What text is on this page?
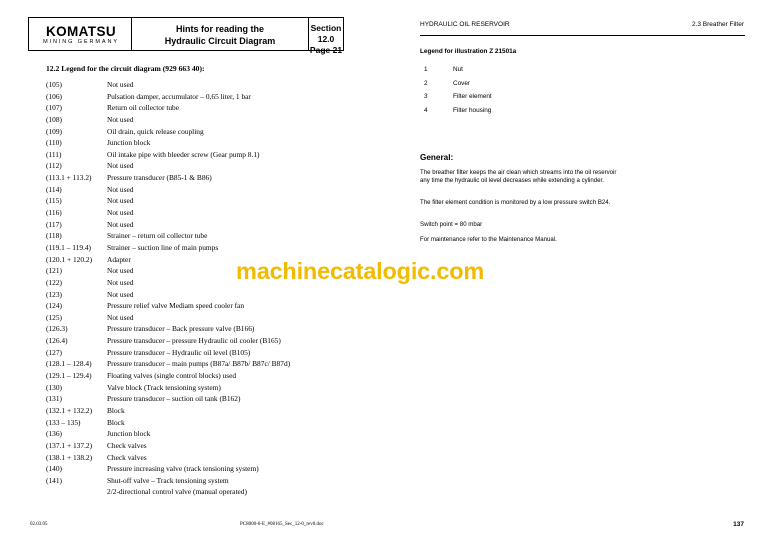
KOMATSU
MINING GERMANY
Hints for reading the
Hydraulic Circuit Diagram
Section 12.0
Page 21
12.2 Legend for the circuit diagram (929 663 40):
(105)	Not used
(106)	Pulsation damper, accumulator – 0,65 liter, 1 bar
(107)	Return oil collector tube
(108)	Not used
(109)	Oil drain, quick release coupling
(110)	Junction block
(111)	Oil intake pipe with bleeder screw (Gear pump 8.1)
(112)	Not used
(113.1 + 113.2) Pressure transducer (B85-1 & B86)
(114)	Not used
(115)	Not used
(116)	Not used
(117)	Not used
(118)	Strainer – return oil collector tube
(119.1 – 119.4) Strainer – suction line of main pumps
(120.1 + 120.2) Adapter
(121)	Not used
(122)	Not used
(123)	Not used
(124)	Pressure relief valve Mediam speed cooler fan
(125)	Not used
(126.3)	Pressure transducer – Back pressure valve (B166)
(126.4)	Pressure transducer – pressure Hydraulic oil cooler (B165)
(127)	Pressure transducer – Hydraulic oil level (B105)
(128.1 – 128.4) Pressure transducer – main pumps (B87a/ B87b/ B87c/ B87d)
(129.1 – 129.4) Floating valves (single control blocks) used
(130)	Valve block (Track tensioning system)
(131)	Pressure transducer – suction oil tank (B162)
(132.1 + 132.2) Block
(133 – 135)	Block
(136)	Junction block
(137.1 + 137.2) Check valves
(138.1 + 138.2) Check valves
(140)	Pressure increasing valve (track tensioning system)
(141)	Shut-off valve – Track tensioning system
2/2-directional control valve (manual operated)
machinecatalogic.com
02.03.05	PC8000-6-E_#08165_Sec_12-0_rev0.doc
HYDRAULIC OIL RESERVOIR	2.3 Breather Filter
Legend for illustration Z 21501a
1	Nut
2	Cover
3	Filter element
4	Filter housing
General:
The breather filter keeps the air clean which streams into the oil reservoir any time the hydraulic oil level decreases while extending a cylinder.
The filter element condition is monitored by a low pressure switch B24.
Switch point = 80 mbar
For maintenance refer to the Maintenance Manual.
137
